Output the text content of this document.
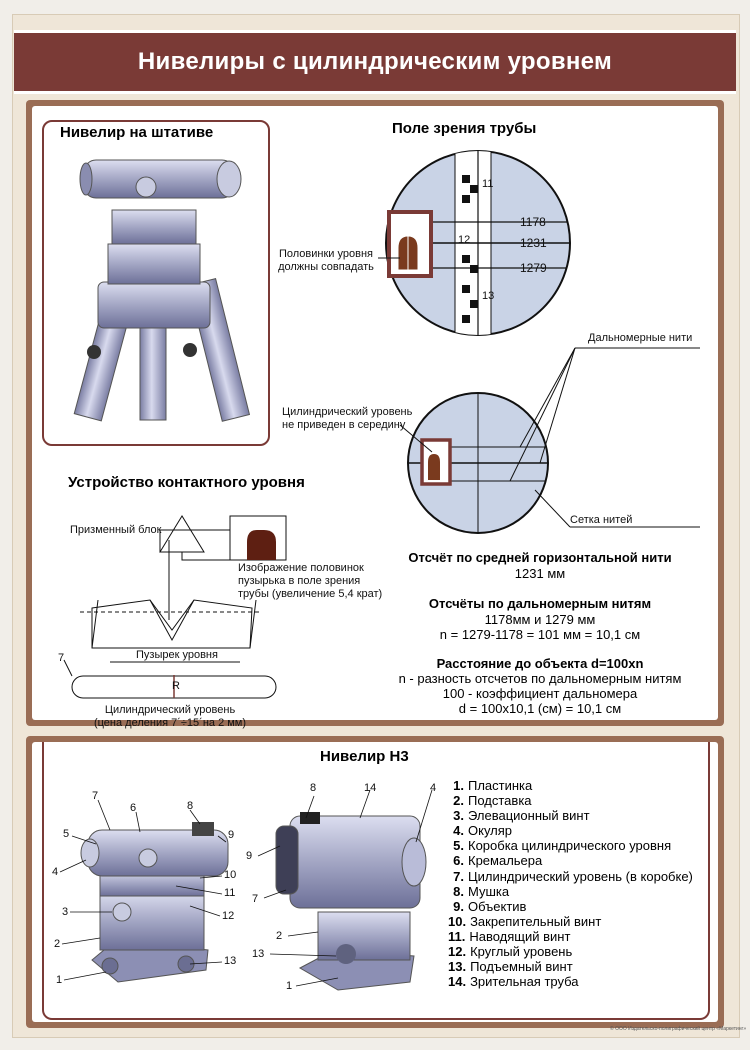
Нивелиры с цилиндрическим уровнем
Нивелир на штативе	Поле зрения трубы
Устройство контактного уровня
Нивелир Н3
11
12
13
1178
1231
1279
Половинки уровня
должны совпадать
Дальномерные нити
Цилиндрический уровень
не приведен в середину
Сетка нитей
Призменный блок
Изображение половинок
пузырька в поле зрения
трубы (увеличение 5,4 крат)
Пузырек уровня
R
7
Цилиндрический уровень
(цена деления 7´÷15´на 2 мм)
Отсчёт по средней горизонтальной нити
1231 мм
Отсчёты по дальномерным нитям
1178мм и 1279 мм
n = 1279-1178 = 101 мм = 10,1 см
Расстояние до объекта d=100xn
n - разность отсчетов по дальномерным нитям
100 - коэффициент дальномера
d = 100x10,1 (см) = 10,1 см
7
6	8
5	9
4	10
11
3	12
2
13
1
8	14	4
9
7
2
13
1
1. Пластинка
2. Подставка
3. Элевационный винт
4. Окуляр
5. Коробка цилиндрического уровня
6. Кремальера
7. Цилиндрический уровень (в коробке)
8. Мушка
9. Объектив
10. Закрепительный винт
11. Наводящий винт
12. Круглый уровень
13. Подъемный винт
14. Зрительная труба
© ООО Издательско-полиграфический центр «Маркетинг»
